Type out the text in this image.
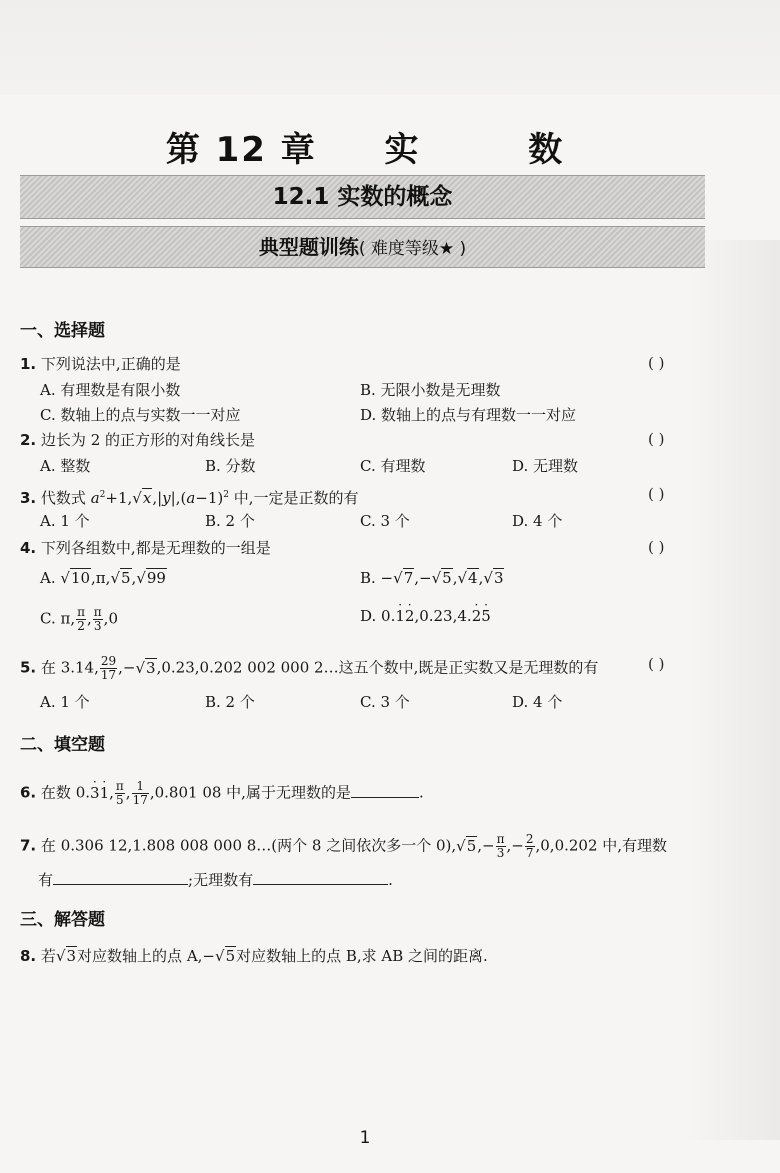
第 12 章 实	数
12.1 实数的概念
典型题训练( 难度等级★ )
一、选择题
1. 下列说法中,正确的是	( )
A. 有理数是有限小数	B. 无限小数是无理数
C. 数轴上的点与实数一一对应	D. 数轴上的点与有理数一一对应
2. 边长为 2 的正方形的对角线长是	( )
A. 整数	B. 分数	C. 有理数	D. 无理数
3. 代数式 $a^2+1,√x,|y|,(a-1)^2$ 中,一定是正数的有	( )
A. 1 个	B. 2 个	C. 3 个	D. 4 个
4. 下列各组数中,都是无理数的一组是	( )
A. √10,π,√5,√99	B. −√7,−√5,√4,√3
C. π, $\frac{\pi}{2}$ , $\frac{\pi}{3} ,0$	D. 0.· 1· 2,0.23,4.· 2· 5
5. 在 3.14, $\frac{29}{17} ,-√3,0.23,0.202$ 002 000 2…这五个数中,既是正实数又是无理数的有	( )
A. 1 个	B. 2 个	C. 3 个	D. 4 个
二、填空题
6. 在数 0.· 3· 1, $\frac{\pi}{5}$ , $\frac{1}{17} ,0.801$ 08 中,属于无理数的是	.
7. 在 0.306 12,1.808 008 000 8…(两个 8 之间依次多一个 $0),√5,- \frac{\pi}{3}$ ,− $\frac{2}{7} ,0,0.202$ 中,有理数
有	;无理数有	.
三、解答题
8. 若√3对应数轴上的点 A,−√5对应数轴上的点 B,求 AB 之间的距离.
1
